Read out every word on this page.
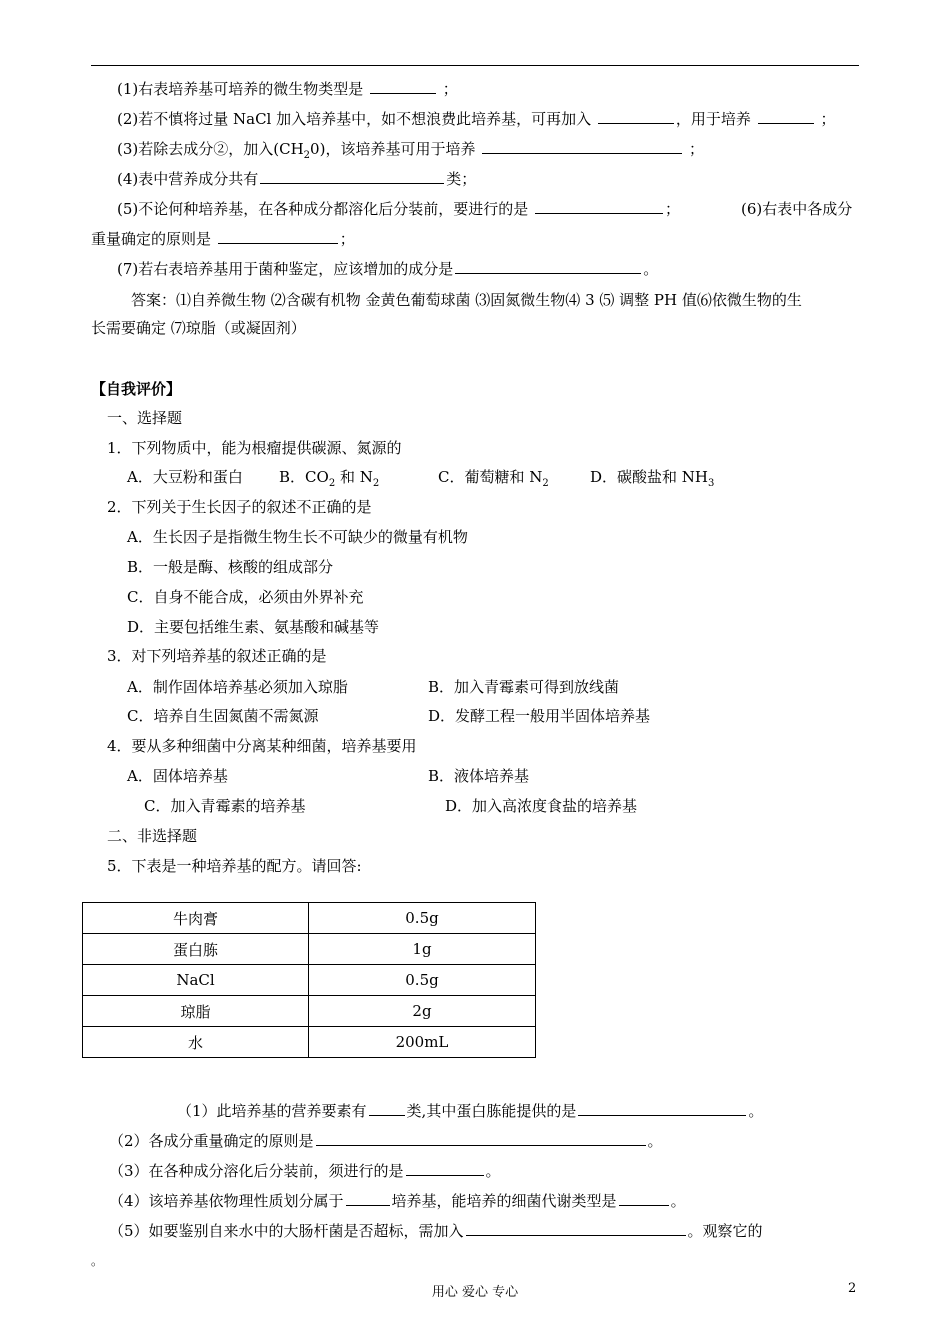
(1)右表培养基可培养的微生物类型是	；
(2)若不慎将过量 NaCl 加入培养基中，如不想浪费此培养基，可再加入	，用于培养	；
(3)若除去成分②，加入$(CH_20)$，该培养基可用于培养	；
(4)表中营养成分共有	类；
(5)不论何种培养基，在各种成分都溶化后分装前，要进行的是	；	(6)右表中各成分
重量确定的原则是	；
(7)若右表培养基用于菌种鉴定，应该增加的成分是	。
答案：⑴自养微生物 ⑵含碳有机物 金黄色葡萄球菌 ⑶固氮微生物⑷ 3 ⑸ 调整 PH 值⑹依微生物的生
长需要确定 ⑺琼脂（或凝固剂）
【自我评价】
一、选择题
1．下列物质中，能为根瘤提供碳源、氮源的
A．大豆粉和蛋白 B．$CO_2$ 和 $N_2$	C．葡萄糖和 $N_2$	D．碳酸盐和 $NH_3$
2．下列关于生长因子的叙述不正确的是
A．生长因子是指微生物生长不可缺少的微量有机物
B．一般是酶、核酸的组成部分
C．自身不能合成，必须由外界补充
D．主要包括维生素、氨基酸和碱基等
3．对下列培养基的叙述正确的是
A．制作固体培养基必须加入琼脂	B．加入青霉素可得到放线菌
C．培养自生固氮菌不需氮源	D．发酵工程一般用半固体培养基
4．要从多种细菌中分离某种细菌，培养基要用
A．固体培养基	B．液体培养基
C．加入青霉素的培养基	D．加入高浓度食盐的培养基
二、非选择题
5．下表是一种培养基的配方。请回答:
牛肉膏	0.5g
蛋白胨	1g
NaCl	0.5g
琼脂	2g
水	200mL
（1）此培养基的营养要素有	类,其中蛋白胨能提供的是	。
（2）各成分重量确定的原则是	。
（3）在各种成分溶化后分装前，须进行的是	。
（4）该培养基依物理性质划分属于	培养基，能培养的细菌代谢类型是	。
（5）如要鉴别自来水中的大肠杆菌是否超标，需加入	。观察它的
。
用心 爱心 专心	2
